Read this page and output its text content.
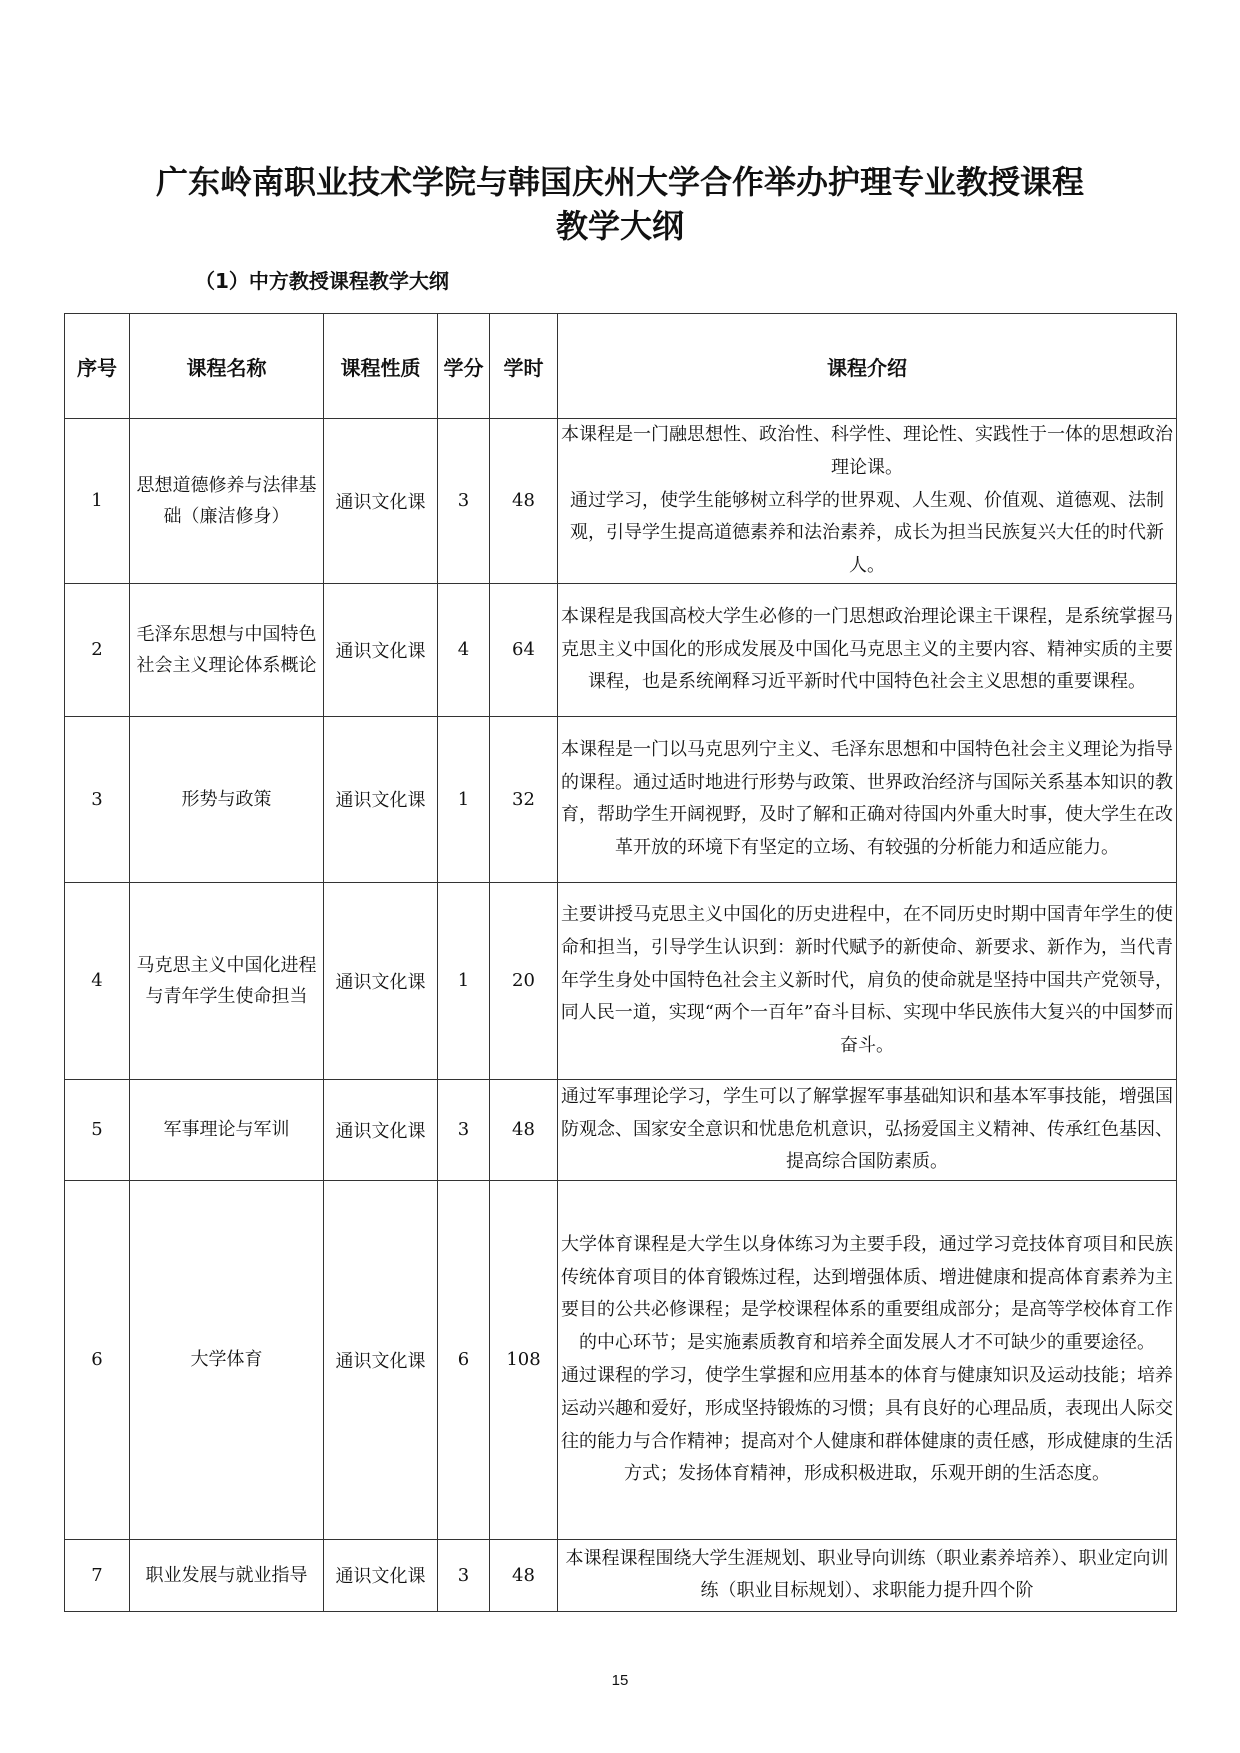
广东岭南职业技术学院与韩国庆州大学合作举办护理专业教授课程
教学大纲
（1）中方教授课程教学大纲
序号	课程名称	课程性质	学分	学时	课程介绍
1	思想道德修养与法律基础（廉洁修身）	通识文化课	3	48	本课程是一门融思想性、政治性、科学性、理论性、实践性于一体的思想政治理论课。

通过学习，使学生能够树立科学的世界观、人生观、价值观、道德观、法制观，引导学生提高道德素养和法治素养，成长为担当民族复兴大任的时代新人。

2	毛泽东思想与中国特色社会主义理论体系概论	通识文化课	4	64	本课程是我国高校大学生必修的一门思想政治理论课主干课程，是系统掌握马克思主义中国化的形成发展及中国化马克思主义的主要内容、精神实质的主要课程，也是系统阐释习近平新时代中国特色社会主义思想的重要课程。

3	形势与政策	通识文化课	1	32	本课程是一门以马克思列宁主义、毛泽东思想和中国特色社会主义理论为指导的课程。通过适时地进行形势与政策、世界政治经济与国际关系基本知识的教育，帮助学生开阔视野，及时了解和正确对待国内外重大时事，使大学生在改革开放的环境下有坚定的立场、有较强的分析能力和适应能力。

4	马克思主义中国化进程与青年学生使命担当	通识文化课	1	20	主要讲授马克思主义中国化的历史进程中，在不同历史时期中国青年学生的使命和担当，引导学生认识到：新时代赋予的新使命、新要求、新作为，当代青年学生身处中国特色社会主义新时代，肩负的使命就是坚持中国共产党领导，同人民一道，实现“两个一百年”奋斗目标、实现中华民族伟大复兴的中国梦而奋斗。

5	军事理论与军训	通识文化课	3	48	通过军事理论学习，学生可以了解掌握军事基础知识和基本军事技能，增强国防观念、国家安全意识和忧患危机意识，弘扬爱国主义精神、传承红色基因、提高综合国防素质。

6	大学体育	通识文化课	6	108	大学体育课程是大学生以身体练习为主要手段，通过学习竞技体育项目和民族传统体育项目的体育锻炼过程，达到增强体质、增进健康和提高体育素养为主要目的公共必修课程；是学校课程体系的重要组成部分；是高等学校体育工作的中心环节；是实施素质教育和培养全面发展人才不可缺少的重要途径。

通过课程的学习，使学生掌握和应用基本的体育与健康知识及运动技能；培养运动兴趣和爱好，形成坚持锻炼的习惯；具有良好的心理品质，表现出人际交往的能力与合作精神；提高对个人健康和群体健康的责任感，形成健康的生活方式；发扬体育精神，形成积极进取，乐观开朗的生活态度。

7	职业发展与就业指导	通识文化课	3	48	本课程课程围绕大学生涯规划、职业导向训练（职业素养培养）、职业定向训练（职业目标规划）、求职能力提升四个阶

15
